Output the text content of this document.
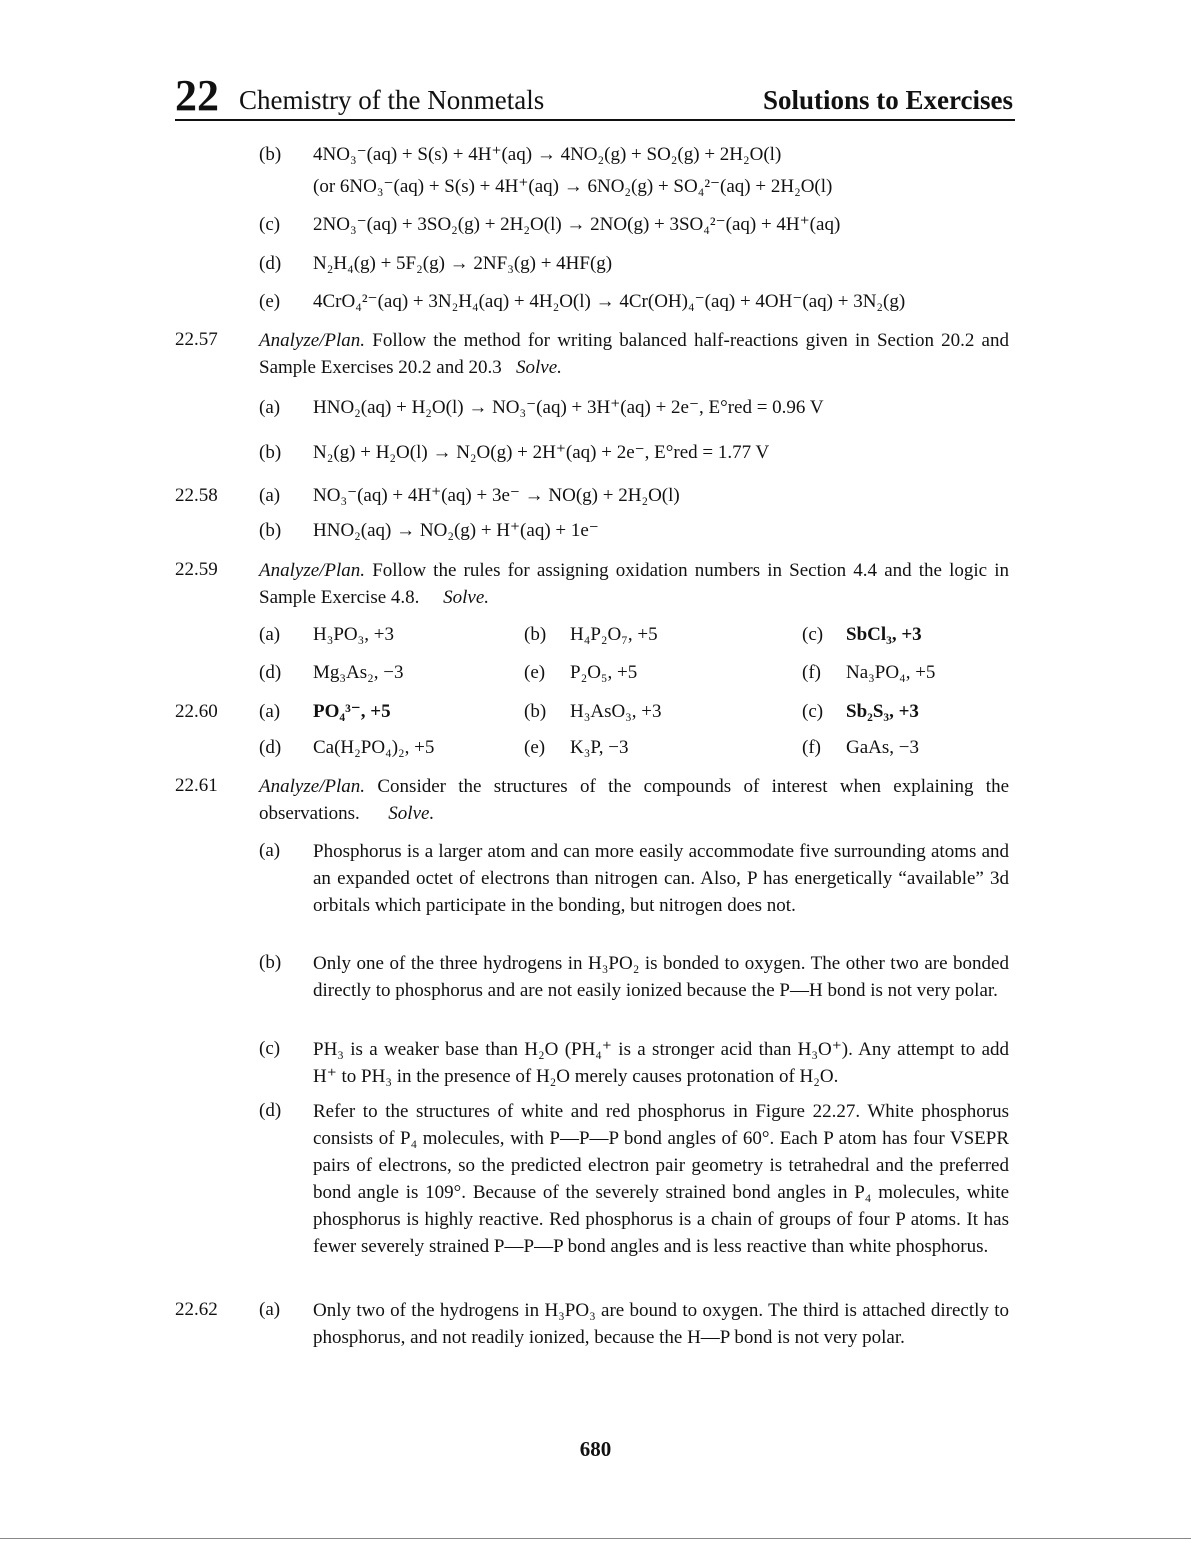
22 Chemistry of the Nonmetals	Solutions to Exercises
(b) 4NO₃⁻(aq) + S(s) + 4H⁺(aq) → 4NO₂(g) + SO₂(g) + 2H₂O(l)
(or 6NO₃⁻(aq) + S(s) + 4H⁺(aq) → 6NO₂(g) + SO₄²⁻(aq) + 2H₂O(l)
(c) 2NO₃⁻(aq) + 3SO₂(g) + 2H₂O(l) → 2NO(g) + 3SO₄²⁻(aq) + 4H⁺(aq)
(d) N₂H₄(g) + 5F₂(g) → 2NF₃(g) + 4HF(g)
(e) 4CrO₄²⁻(aq) + 3N₂H₄(aq) + 4H₂O(l) → 4Cr(OH)₄⁻(aq) + 4OH⁻(aq) + 3N₂(g)
22.57 Analyze/Plan. Follow the method for writing balanced half-reactions given in Section 20.2 and Sample Exercises 20.2 and 20.3 Solve.
(a) HNO₂(aq) + H₂O(l) → NO₃⁻(aq) + 3H⁺(aq) + 2e⁻, E°red = 0.96 V
(b) N₂(g) + H₂O(l) → N₂O(g) + 2H⁺(aq) + 2e⁻, E°red = 1.77 V
22.58 (a) NO₃⁻(aq) + 4H⁺(aq) + 3e⁻ → NO(g) + 2H₂O(l)
(b) HNO₂(aq) → NO₂(g) + H⁺(aq) + 1e⁻
22.59 Analyze/Plan. Follow the rules for assigning oxidation numbers in Section 4.4 and the logic in Sample Exercise 4.8. Solve.
(a) H₃PO₃, +3	(b) H₄P₂O₇, +5	(c) SbCl₃, +3
(d) Mg₃As₂, −3	(e) P₂O₅, +5	(f) Na₃PO₄, +5
22.60 (a) PO₄³⁻, +5	(b) H₃AsO₃, +3	(c) Sb₂S₃, +3
(d) Ca(H₂PO₄)₂, +5	(e) K₃P, −3	(f) GaAs, −3
22.61 Analyze/Plan. Consider the structures of the compounds of interest when explaining the observations. Solve.
(a) Phosphorus is a larger atom and can more easily accommodate five surrounding atoms and an expanded octet of electrons than nitrogen can. Also, P has energetically “available” 3d orbitals which participate in the bonding, but nitrogen does not.
(b) Only one of the three hydrogens in H₃PO₂ is bonded to oxygen. The other two are bonded directly to phosphorus and are not easily ionized because the P—H bond is not very polar.
(c) PH₃ is a weaker base than H₂O (PH₄⁺ is a stronger acid than H₃O⁺). Any attempt to add H⁺ to PH₃ in the presence of H₂O merely causes protonation of H₂O.
(d) Refer to the structures of white and red phosphorus in Figure 22.27. White phosphorus consists of P₄ molecules, with P—P—P bond angles of 60°. Each P atom has four VSEPR pairs of electrons, so the predicted electron pair geometry is tetrahedral and the preferred bond angle is 109°. Because of the severely strained bond angles in P₄ molecules, white phosphorus is highly reactive. Red phosphorus is a chain of groups of four P atoms. It has fewer severely strained P—P—P bond angles and is less reactive than white phosphorus.
22.62 (a) Only two of the hydrogens in H₃PO₃ are bound to oxygen. The third is attached directly to phosphorus, and not readily ionized, because the H—P bond is not very polar.
680
